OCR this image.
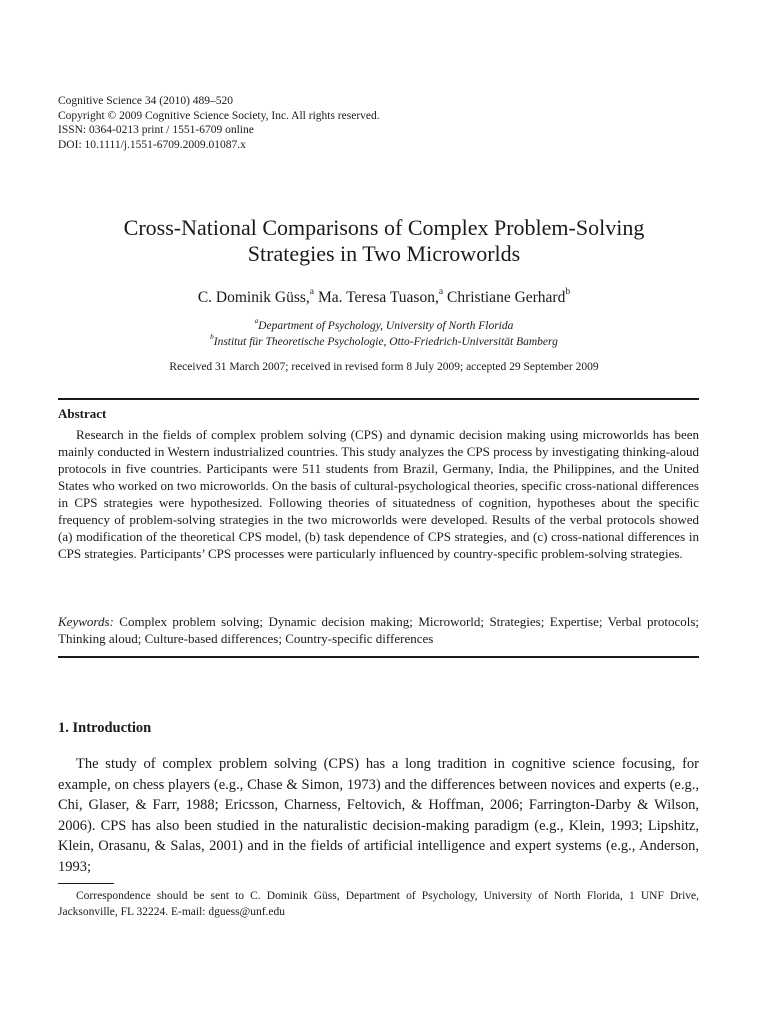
Cognitive Science 34 (2010) 489–520
Copyright © 2009 Cognitive Science Society, Inc. All rights reserved.
ISSN: 0364-0213 print / 1551-6709 online
DOI: 10.1111/j.1551-6709.2009.01087.x
Cross-National Comparisons of Complex Problem-Solving
Strategies in Two Microworlds
C. Dominik Güss,$^a$ Ma. Teresa Tuason,$^a$ Christiane Gerhard$^b$
$^a$Department of Psychology, University of North Florida
$^b$Institut für Theoretische Psychologie, Otto-Friedrich-Universität Bamberg
Received 31 March 2007; received in revised form 8 July 2009; accepted 29 September 2009
Abstract
Research in the fields of complex problem solving (CPS) and dynamic decision making using microworlds has been mainly conducted in Western industrialized countries. This study analyzes the CPS process by investigating thinking-aloud protocols in five countries. Participants were 511 students from Brazil, Germany, India, the Philippines, and the United States who worked on two microworlds. On the basis of cultural-psychological theories, specific cross-national differences in CPS strategies were hypothesized. Following theories of situatedness of cognition, hypotheses about the specific frequency of problem-solving strategies in the two microworlds were developed. Results of the verbal protocols showed (a) modification of the theoretical CPS model, (b) task dependence of CPS strategies, and (c) cross-national differences in CPS strategies. Participants’ CPS processes were particularly influenced by country-specific problem-solving strategies.
Keywords: Complex problem solving; Dynamic decision making; Microworld; Strategies; Expertise; Verbal protocols; Thinking aloud; Culture-based differences; Country-specific differences
1. Introduction
The study of complex problem solving (CPS) has a long tradition in cognitive science focusing, for example, on chess players (e.g., Chase & Simon, 1973) and the differences between novices and experts (e.g., Chi, Glaser, & Farr, 1988; Ericsson, Charness, Feltovich, & Hoffman, 2006; Farrington-Darby & Wilson, 2006). CPS has also been studied in the naturalistic decision-making paradigm (e.g., Klein, 1993; Lipshitz, Klein, Orasanu, & Salas, 2001) and in the fields of artificial intelligence and expert systems (e.g., Anderson, 1993;
Correspondence should be sent to C. Dominik Güss, Department of Psychology, University of North Florida, 1 UNF Drive, Jacksonville, FL 32224. E-mail: dguess@unf.edu
